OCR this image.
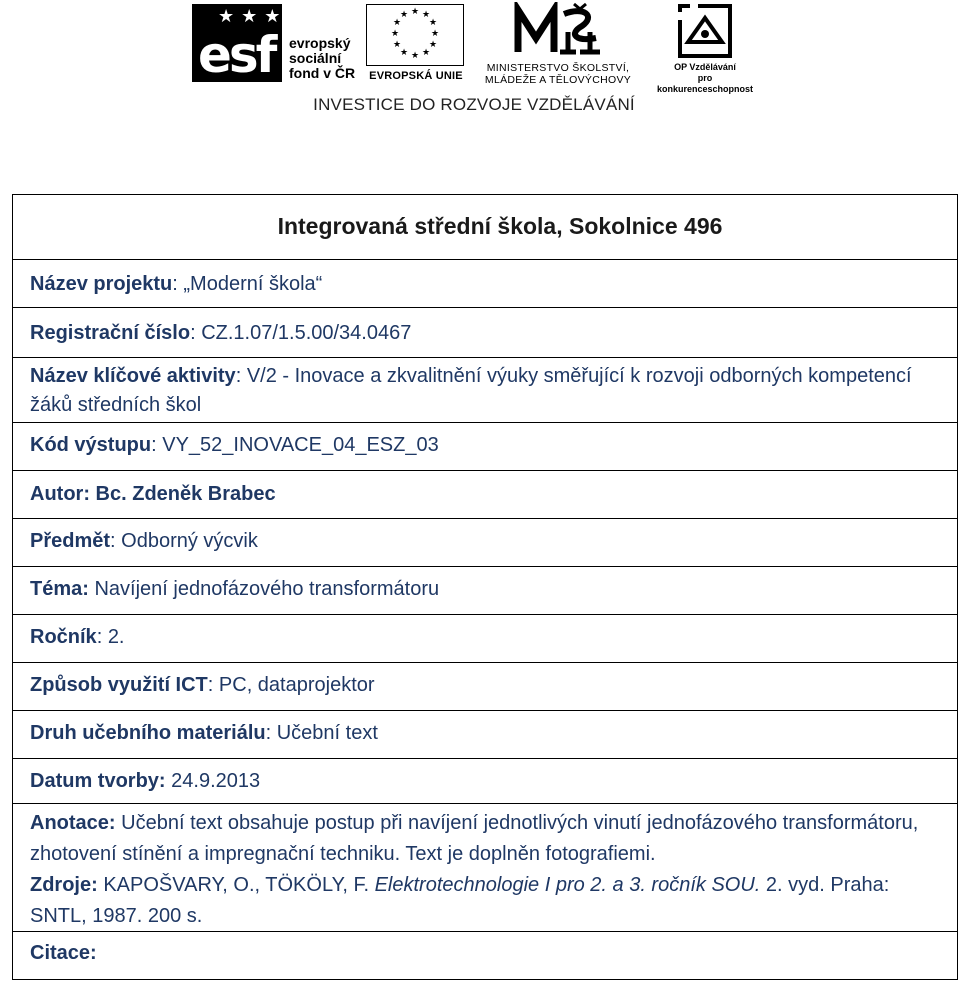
★ ★ ★
esf evropský
sociální
fond v ČR
★ ★
★
★
★
★
★
★
★
★
★
★
EVROPSKÁ UNIE
MINISTERSTVO ŠKOLSTVÍ,
MLÁDEŽE A TĚLOVÝCHOVY
OP Vzdělávání
pro konkurenceschopnost
INVESTICE DO ROZVOJE VZDĚLÁVÁNÍ
Integrovaná střední škola, Sokolnice 496
Název projektu: „Moderní škola“
Registrační číslo: CZ.1.07/1.5.00/34.0467
Název klíčové aktivity: V/2 - Inovace a zkvalitnění výuky směřující k rozvoji odborných kompetencí žáků středních škol
Kód výstupu: VY_52_INOVACE_04_ESZ_03
Autor: Bc. Zdeněk Brabec
Předmět: Odborný výcvik
Téma: Navíjení jednofázového transformátoru
Ročník: 2.
Způsob využití ICT: PC, dataprojektor
Druh učebního materiálu: Učební text
Datum tvorby: 24.9.2013
Anotace: Učební text obsahuje postup při navíjení jednotlivých vinutí jednofázového transformátoru, zhotovení stínění a impregnační techniku. Text je doplněn fotografiemi.
Zdroje: KAPOŠVARY, O., TÖKÖLY, F. Elektrotechnologie I pro 2. a 3. ročník SOU. 2. vyd. Praha: SNTL, 1987. 200 s.
Citace:
